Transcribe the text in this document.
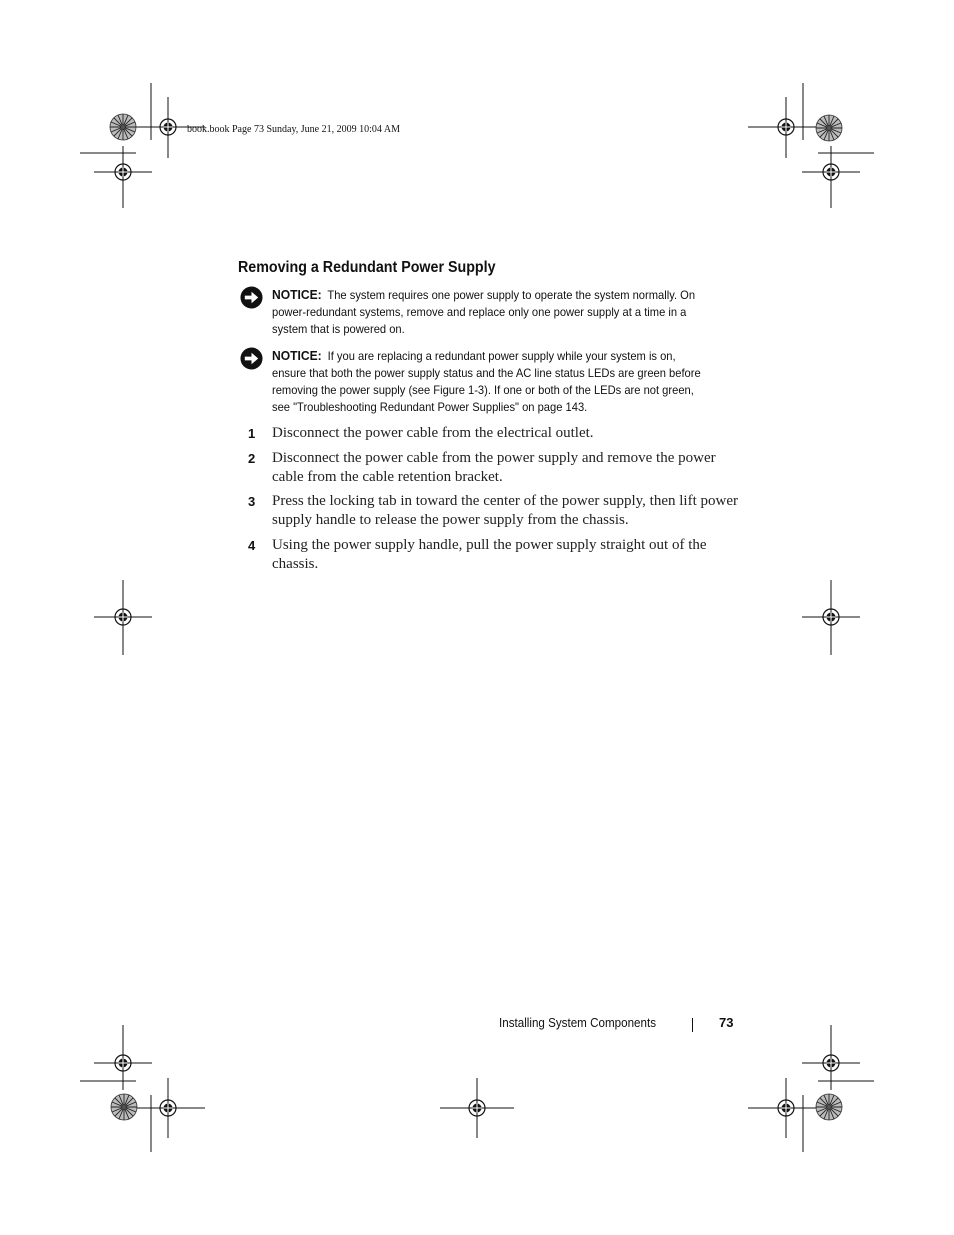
book.book Page 73 Sunday, June 21, 2009 10:04 AM
Removing a Redundant Power Supply
NOTICE: The system requires one power supply to operate the system normally. On power-redundant systems, remove and replace only one power supply at a time in a system that is powered on.
NOTICE: If you are replacing a redundant power supply while your system is on, ensure that both the power supply status and the AC line status LEDs are green before removing the power supply (see Figure 1-3). If one or both of the LEDs are not green, see "Troubleshooting Redundant Power Supplies" on page 143.
1 Disconnect the power cable from the electrical outlet.
2 Disconnect the power cable from the power supply and remove the power cable from the cable retention bracket.
3 Press the locking tab in toward the center of the power supply, then lift power supply handle to release the power supply from the chassis.
4 Using the power supply handle, pull the power supply straight out of the chassis.
Installing System Components	73
